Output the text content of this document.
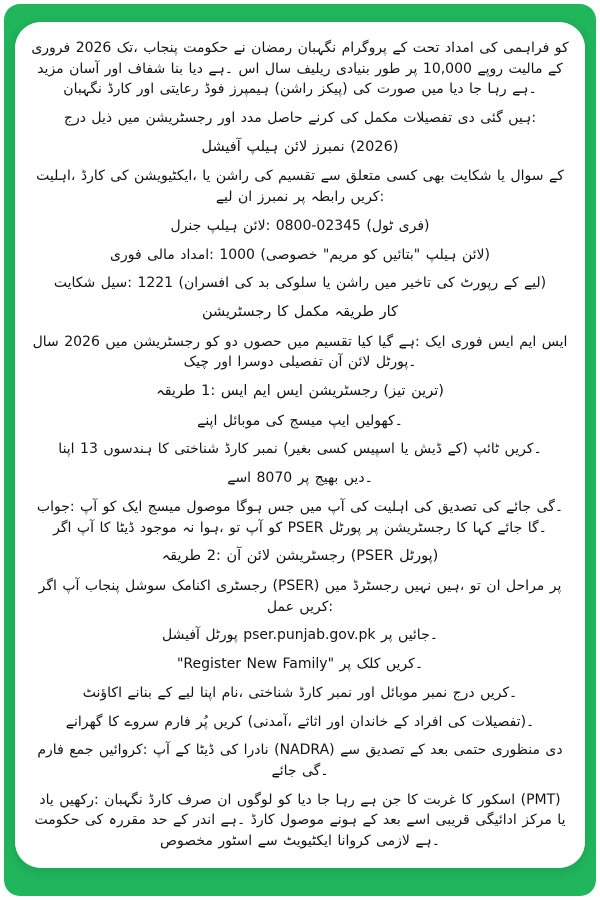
فروری 2026 تک، پنجاب حکومت نے رمضان نگہبان پروگرام کے تحت امداد کی فراہمی کو مزید آسان اور شفاف بنا دیا ہے۔ اس سال ریلیف بنیادی طور پر 10,000 روپے مالیت کے نگہبان کارڈ اور رعایتی فوڈ ہیمپرز (راشن پیکز) کی صورت میں دیا جا رہا ہے۔
درج ذیل میں رجسٹریشن اور مدد حاصل کرنے کی مکمل تفصیلات دی گئی ہیں:
آفیشل ہیلپ لائن نمبرز (2026)
اہلیت، کارڈ کی ایکٹیویشن، یا راشن کی تقسیم سے متعلق کسی بھی شکایت یا سوال کے لیے ان نمبرز پر رابطہ کریں:
جنرل ہیلپ لائن: 0800-02345 (ٹول فری)
فوری مالی امداد: 1000 (خصوصی "مریم کو بتائیں" ہیلپ لائن)
شکایت سیل: 1221 (افسران کی بد سلوکی یا راشن میں تاخیر کی رپورٹ کے لیے)
رجسٹریشن کا مکمل طریقہ کار
سال 2026 میں رجسٹریشن کو دو حصوں میں تقسیم کیا گیا ہے: ایک فوری ایس ایم ایس چیک اور دوسرا تفصیلی آن لائن پورٹل۔
طریقہ 1: ایس ایم ایس رجسٹریشن (تیز ترین)
اپنے موبائل کی میسج ایپ کھولیں۔
اپنا 13 ہندسوں کا شناختی کارڈ نمبر (بغیر کسی اسپیس یا ڈیش کے) ٹائپ کریں۔
اسے 8070 پر بھیج دیں۔
جواب: آپ کو ایک میسج موصول ہوگا جس میں آپ کی اہلیت کی تصدیق کی جائے گی۔ اگر آپ کا ڈیٹا موجود نہ ہوا، تو آپ کو PSER پورٹل پر رجسٹریشن کا کہا جائے گا۔
طریقہ 2: آن لائن رجسٹریشن (PSER پورٹل)
اگر آپ پنجاب سوشل اکنامک رجسٹری (PSER) میں رجسٹرڈ نہیں ہیں، تو ان مراحل پر عمل کریں:
آفیشل پورٹل pser.punjab.gov.pk پر جائیں۔
"Register New Family" پر کلک کریں۔
اکاؤنٹ بنانے کے لیے اپنا نام، شناختی کارڈ نمبر اور موبائل نمبر درج کریں۔
گھرانے کا سروے فارم پُر کریں (آمدنی، اثاثے اور خاندان کے افراد کی تفصیلات)۔
فارم جمع کروائیں: آپ کے ڈیٹا کی نادرا (NADRA) سے تصدیق کے بعد حتمی منظوری دی جائے گی۔
یاد رکھیں: نگہبان کارڈ صرف ان لوگوں کو دیا جا رہا ہے جن کا غربت کا اسکور (PMT) حکومت کی مقررہ حد کے اندر ہے۔ کارڈ موصول ہونے کے بعد اسے قریبی ادائیگی مرکز یا مخصوص اسٹور سے ایکٹیویٹ کروانا لازمی ہے۔
